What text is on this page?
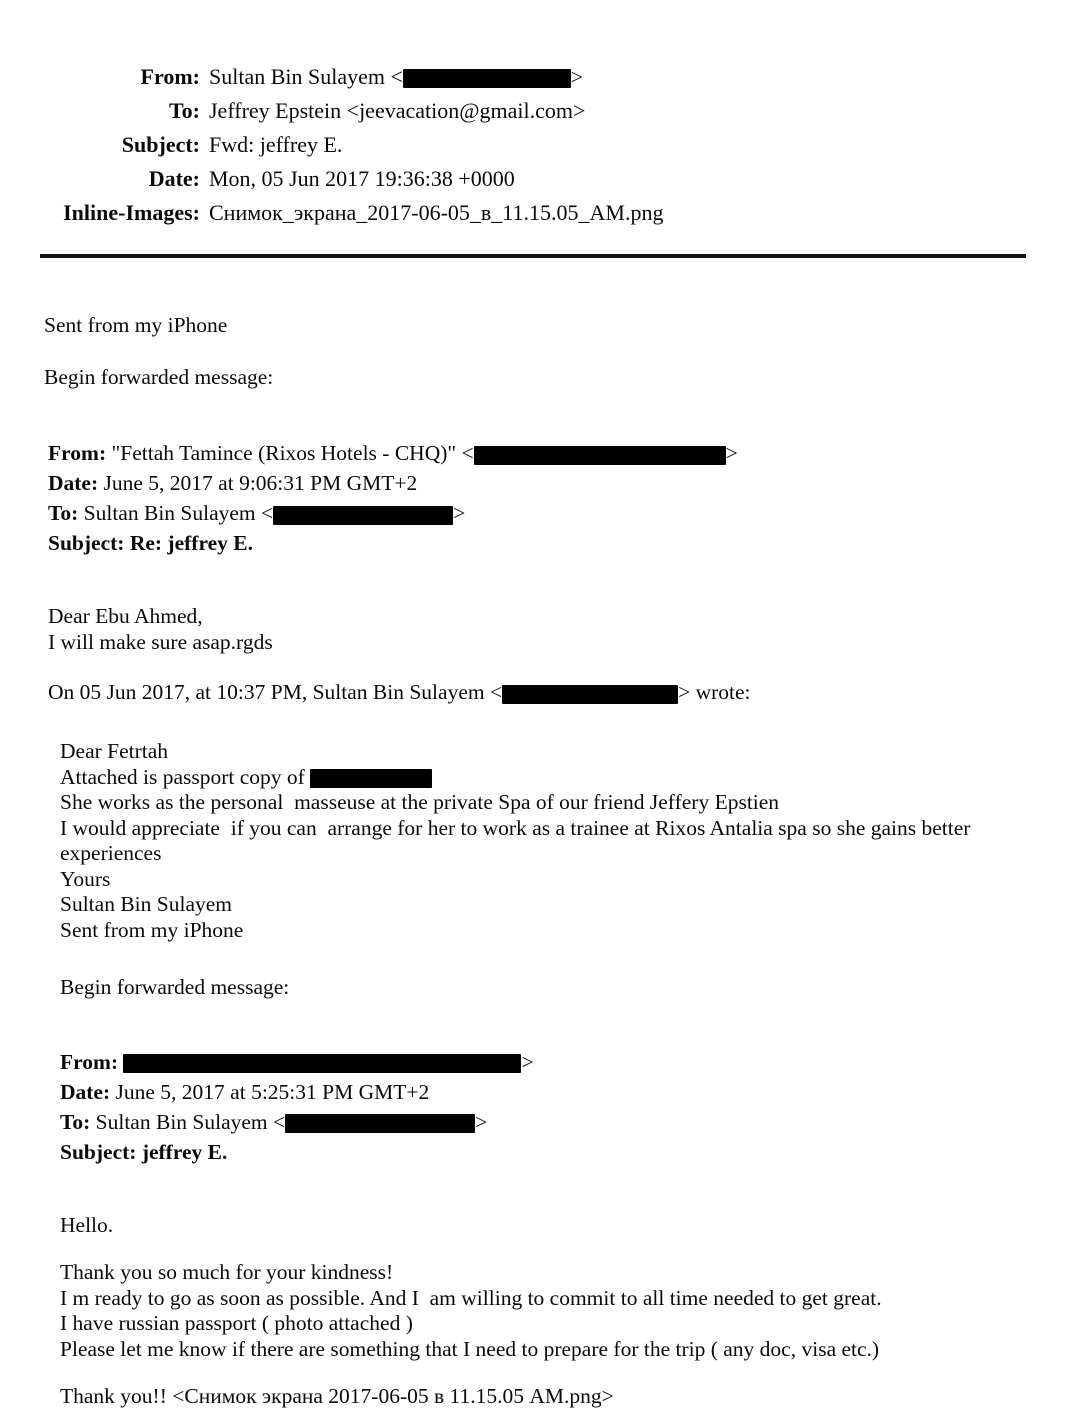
From: Sultan Bin Sulayem <	>
To: Jeffrey Epstein <jeevacation@gmail.com>
Subject: Fwd: jeffrey E.
Date: Mon, 05 Jun 2017 19:36:38 +0000
Inline-Images: Снимок_экрана_2017-06-05_в_11.15.05_AM.png

Sent from my iPhone

Begin forwarded message:

From: "Fettah Tamince (Rixos Hotels - CHQ)" <	>
Date: June 5, 2017 at 9:06:31 PM GMT+2
To: Sultan Bin Sulayem <	>
Subject: Re: jeffrey E.
Dear Ebu Ahmed,
I will make sure asap.rgds
On 05 Jun 2017, at 10:37 PM, Sultan Bin Sulayem <	> wrote:
Dear Fetrtah
Attached is passport copy of
She works as the personal  masseuse at the private Spa of our friend Jeffery Epstien
I would appreciate  if you can  arrange for her to work as a trainee at Rixos Antalia spa so she gains better
experiences
Yours
Sultan Bin Sulayem
Sent from my iPhone
Begin forwarded message:
From:	>
Date: June 5, 2017 at 5:25:31 PM GMT+2
To: Sultan Bin Sulayem <	>
Subject: jeffrey E.
Hello.
Thank you so much for your kindness!
I m ready to go as soon as possible. And I  am willing to commit to all time needed to get great.
I have russian passport ( photo attached )
Please let me know if there are something that I need to prepare for the trip ( any doc, visa etc.)
Thank you!! <Снимок экрана 2017-06-05 в 11.15.05 AM.png>
